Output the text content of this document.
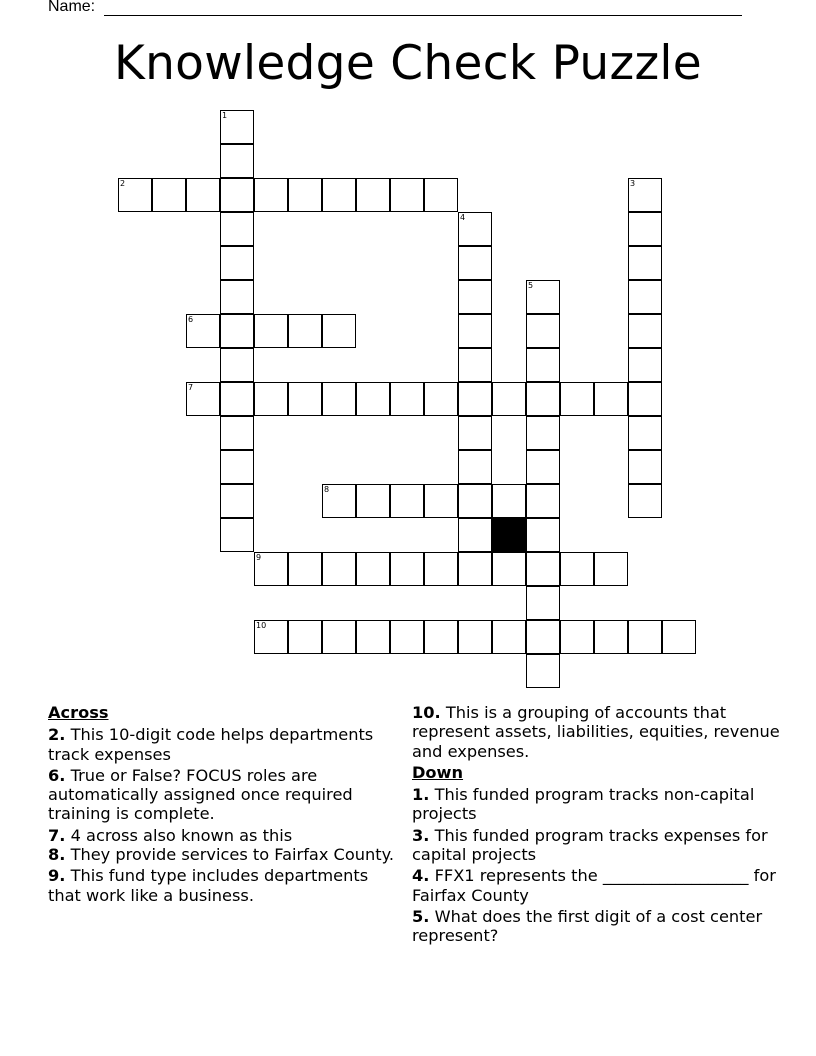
Name:
Knowledge Check Puzzle
1
2	3
4
5
6
7
8
9
10
Across
2. This 10-digit code helps departments track expenses
6. True or False? FOCUS roles are automatically assigned once required training is complete.
7. 4 across also known as this
8. They provide services to Fairfax County.
9. This fund type includes departments that work like a business.
10. This is a grouping of accounts that represent assets, liabilities, equities, revenue and expenses.
Down
1. This funded program tracks non-capital projects
3. This funded program tracks expenses for capital projects
4. FFX1 represents the __________________ for Fairfax County
5. What does the first digit of a cost center represent?
